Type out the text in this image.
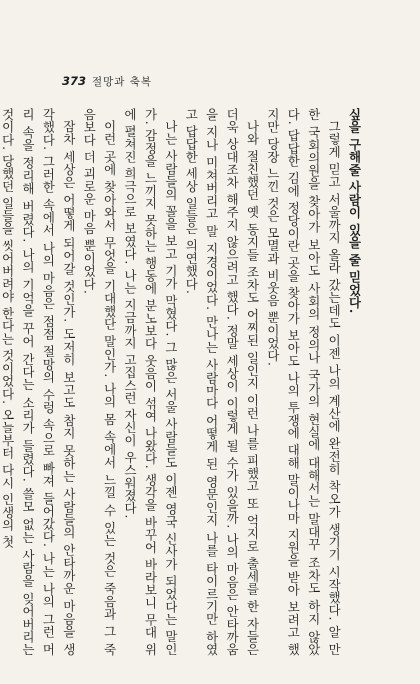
373 절망과 축복

싶을 구해줄 사람이 있을 줄 믿었다.

그렇게 믿고 서울까지 올라 갔는데도 이젠 나의 계산에 완전히 착오가 생기기 시작했다. 알 만한 국회의원을 찾아가 보아도 사회의 정의나 국가의 현실에 대해서는 말대꾸 조차도 하지 않았다. 답답한 김에 정당이란 곳을 찾아가 보아도 나의 투쟁에 대해 말이나마 지원을 받아 보려고 했지만 당장 느낀 것은 모멸과 비웃음 뿐이었다.

나와 절친했던 옛 동지들 조차도 어찌된 일인지 이런 나를 피했고 또 억지로 출세를 한 자들은 더욱 상대조차 해주지 않으려고 했다. 정말 세상이 이렇게 될 수가 있을까. 나의 마음은 안타까움을 지나 미쳐버리고 말 지경이었다. 만나는 사람마다 어떻게 된 영문인지 나를 타이르기만 하였고 답답한 세상 일들은 의연했다.

나는 사람들의 꼴을 보고 기가 막혔다. 그 많은 서울 사람들도 이젠 영국 신사가 되었다는 말인가. 감정을 느끼지 못하는 행동에 분노보다 웃음이 섞여 나왔다. 생각을 바꾸어 바라보니 무대 위에 펼쳐진 희극으로 보였다. 나는 지금까지 고집스런 자신이 우스워졌다.

이런 곳에 찾아와서 무엇을 기대했단 말인가. 나의 몸 속에서 느낄 수 있는 것은 죽음과 그 죽음보다 더 괴로운 마음 뿐이었다.

잠차 세상은 어떻게 되어갈 것인가. 도저히 보고도 참지 못하는 사람들의 안타까운 마음을 생각했다. 그러한 속에서 나의 마음은 점점 절망의 수렁 속으로 빠져 들어갔다. 나는 나의 그런 머리 속을 정리해 버렸다. 나의 기억을 꾸어 간다는 소리가 들렸다. 쓸모 없는 사람을 잊어버리는 것이다. 당했던 일들을 씻어버려야 한다는 것이었다. 오늘부터 다시 인생의 첫
